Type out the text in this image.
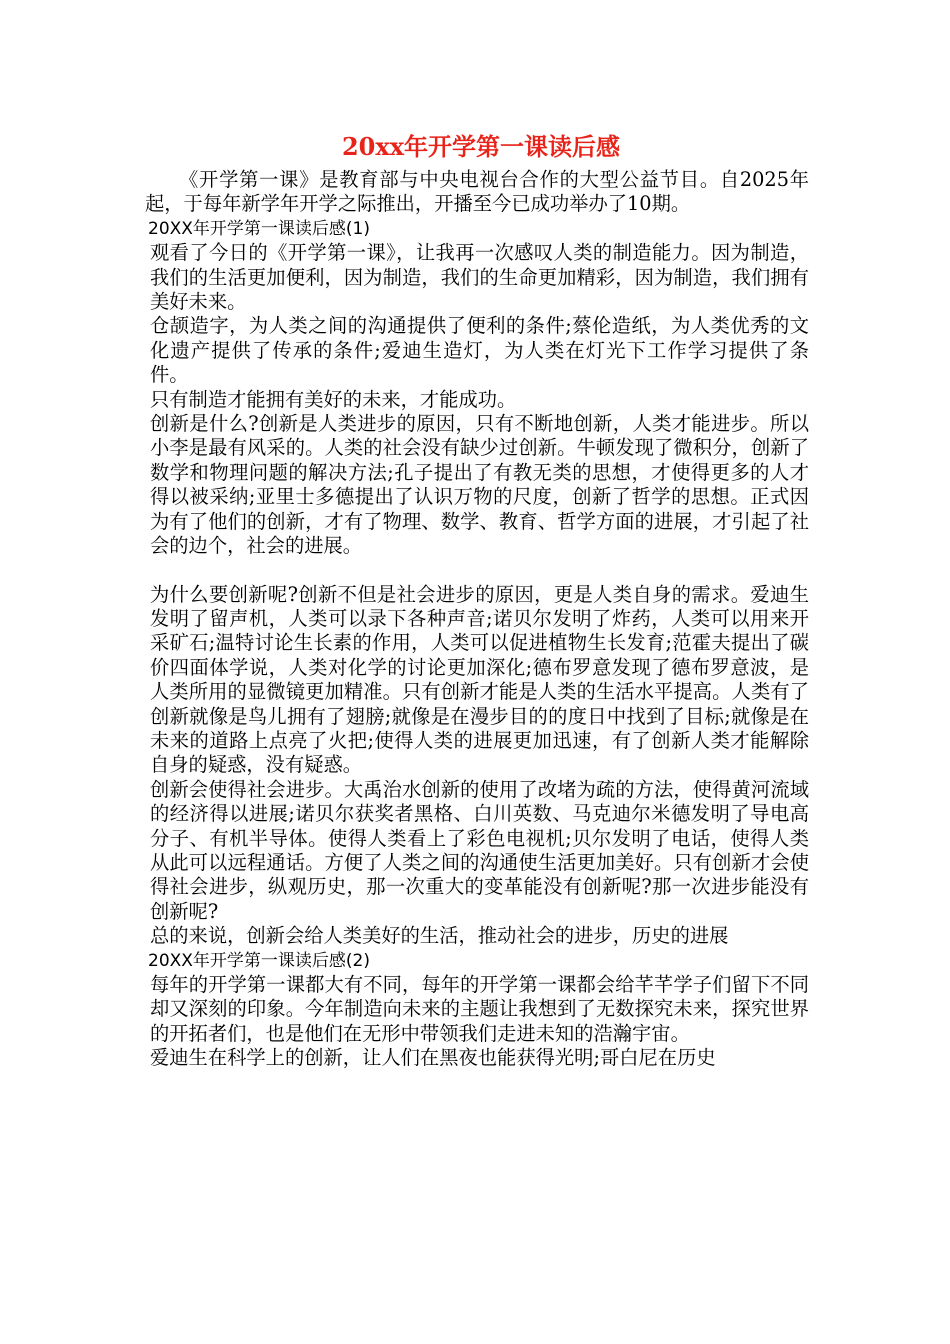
20xx年开学第一课读后感

《开学第一课》是教育部与中央电视台合作的大型公益节目。自2025年起，于每年新学年开学之际推出，开播至今已成功举办了10期。

20XX年开学第一课读后感(1)

观看了今日的《开学第一课》，让我再一次感叹人类的制造能力。因为制造，我们的生活更加便利，因为制造，我们的生命更加精彩，因为制造，我们拥有美好未来。

仓颉造字，为人类之间的沟通提供了便利的条件;蔡伦造纸，为人类优秀的文化遗产提供了传承的条件;爱迪生造灯，为人类在灯光下工作学习提供了条件。

只有制造才能拥有美好的未来，才能成功。

创新是什么?创新是人类进步的原因，只有不断地创新，人类才能进步。所以小李是最有风采的。人类的社会没有缺少过创新。牛顿发现了微积分，创新了数学和物理问题的解决方法;孔子提出了有教无类的思想，才使得更多的人才得以被采纳;亚里士多德提出了认识万物的尺度，创新了哲学的思想。正式因为有了他们的创新，才有了物理、数学、教育、哲学方面的进展，才引起了社会的边个，社会的进展。

为什么要创新呢?创新不但是社会进步的原因，更是人类自身的需求。爱迪生发明了留声机，人类可以录下各种声音;诺贝尔发明了炸药，人类可以用来开采矿石;温特讨论生长素的作用，人类可以促进植物生长发育;范霍夫提出了碳价四面体学说，人类对化学的讨论更加深化;德布罗意发现了德布罗意波，是人类所用的显微镜更加精准。只有创新才能是人类的生活水平提高。人类有了创新就像是鸟儿拥有了翅膀;就像是在漫步目的的度日中找到了目标;就像是在未来的道路上点亮了火把;使得人类的进展更加迅速，有了创新人类才能解除自身的疑惑，没有疑惑。

创新会使得社会进步。大禹治水创新的使用了改堵为疏的方法，使得黄河流域的经济得以进展;诺贝尔获奖者黑格、白川英数、马克迪尔米德发明了导电高分子、有机半导体。使得人类看上了彩色电视机;贝尔发明了电话，使得人类从此可以远程通话。方便了人类之间的沟通使生活更加美好。只有创新才会使得社会进步，纵观历史，那一次重大的变革能没有创新呢?那一次进步能没有创新呢?

总的来说，创新会给人类美好的生活，推动社会的进步，历史的进展

20XX年开学第一课读后感(2)

每年的开学第一课都大有不同，每年的开学第一课都会给芊芊学子们留下不同却又深刻的印象。今年制造向未来的主题让我想到了无数探究未来，探究世界的开拓者们，也是他们在无形中带领我们走进未知的浩瀚宇宙。

爱迪生在科学上的创新，让人们在黑夜也能获得光明;哥白尼在历史
